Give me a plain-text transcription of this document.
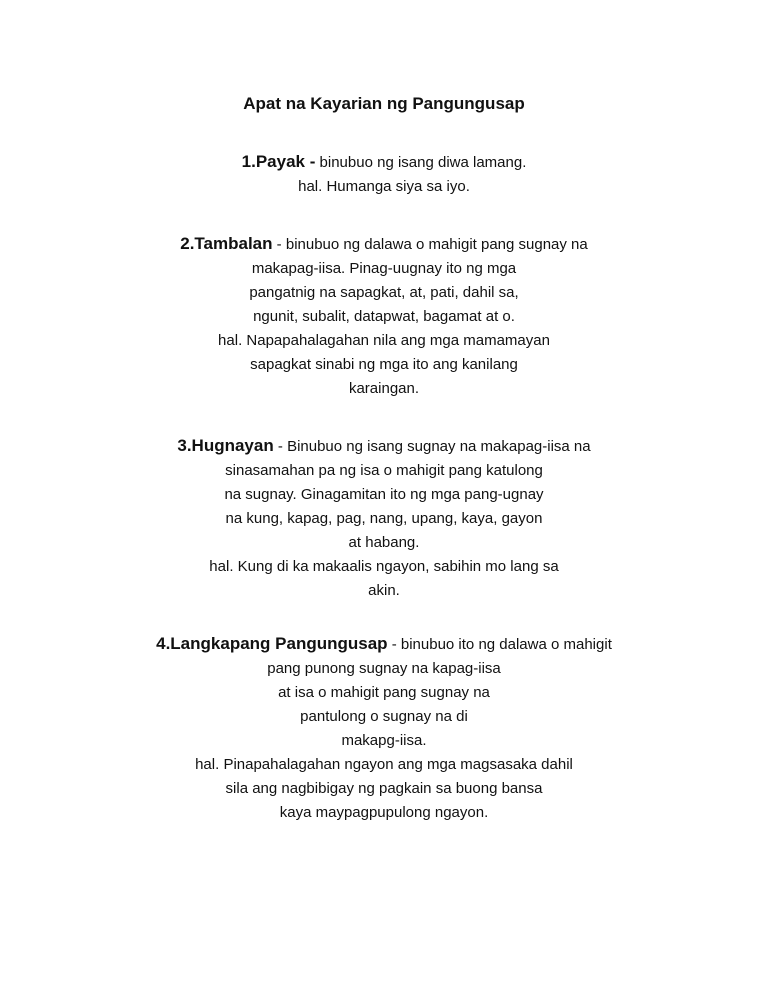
Apat na Kayarian ng Pangungusap
1.Payak - binubuo ng isang diwa lamang.
hal. Humanga siya sa iyo.
2.Tambalan - binubuo ng dalawa o mahigit pang sugnay na
makapag-iisa. Pinag-uugnay ito ng mga
pangatnig na sapagkat, at, pati, dahil sa,
ngunit, subalit, datapwat, bagamat at o.
hal. Napapahalagahan nila ang mga mamamayan
sapagkat sinabi ng mga ito ang kanilang
karaingan.
3.Hugnayan - Binubuo ng isang sugnay na makapag-iisa na
sinasamahan pa ng isa o mahigit pang katulong
na sugnay. Ginagamitan ito ng mga pang-ugnay
na kung, kapag, pag, nang, upang, kaya, gayon
at habang.
hal. Kung di ka makaalis ngayon, sabihin mo lang sa
akin.
4.Langkapang Pangungusap - binubuo ito ng dalawa o mahigit
pang punong sugnay na kapag-iisa
at isa o mahigit pang sugnay na
pantulong o sugnay na di
makapg-iisa.
hal. Pinapahalagahan ngayon ang mga magsasaka dahil
sila ang nagbibigay ng pagkain sa buong bansa
kaya maypagpupulong ngayon.
